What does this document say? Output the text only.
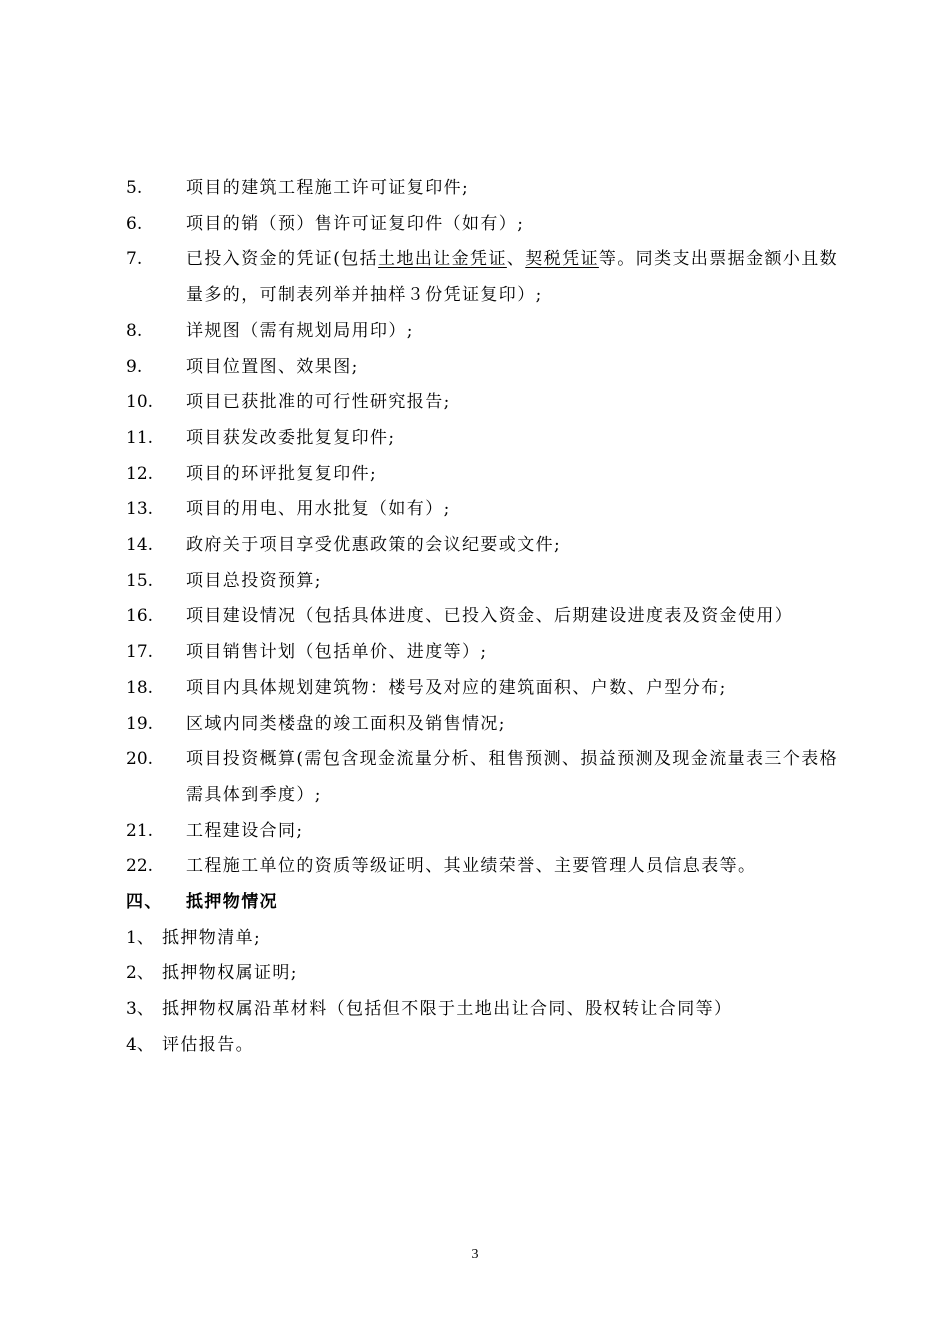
5.	项目的建筑工程施工许可证复印件;
6.	项目的销（预）售许可证复印件（如有）;
7.	已投入资金的凭证(包括土地出让金凭证、契税凭证等。同类支出票据金额小且数量多的，可制表列举并抽样３份凭证复印）;
8.	详规图（需有规划局用印）;
9.	项目位置图、效果图;
10. 项目已获批准的可行性研究报告;
11. 项目获发改委批复复印件;
12. 项目的环评批复复印件;
13. 项目的用电、用水批复（如有）;
14. 政府关于项目享受优惠政策的会议纪要或文件;
15. 项目总投资预算;
16. 项目建设情况（包括具体进度、已投入资金、后期建设进度表及资金使用）
17. 项目销售计划（包括单价、进度等）;
18. 项目内具体规划建筑物：楼号及对应的建筑面积、户数、户型分布;
19. 区域内同类楼盘的竣工面积及销售情况;
20. 项目投资概算(需包含现金流量分析、租售预测、损益预测及现金流量表三个表格需具体到季度）;
21. 工程建设合同;
22. 工程施工单位的资质等级证明、其业绩荣誉、主要管理人员信息表等。
四、 抵押物情况
1、 抵押物清单;
2、 抵押物权属证明;
3、 抵押物权属沿革材料（包括但不限于土地出让合同、股权转让合同等）
4、 评估报告。
3
